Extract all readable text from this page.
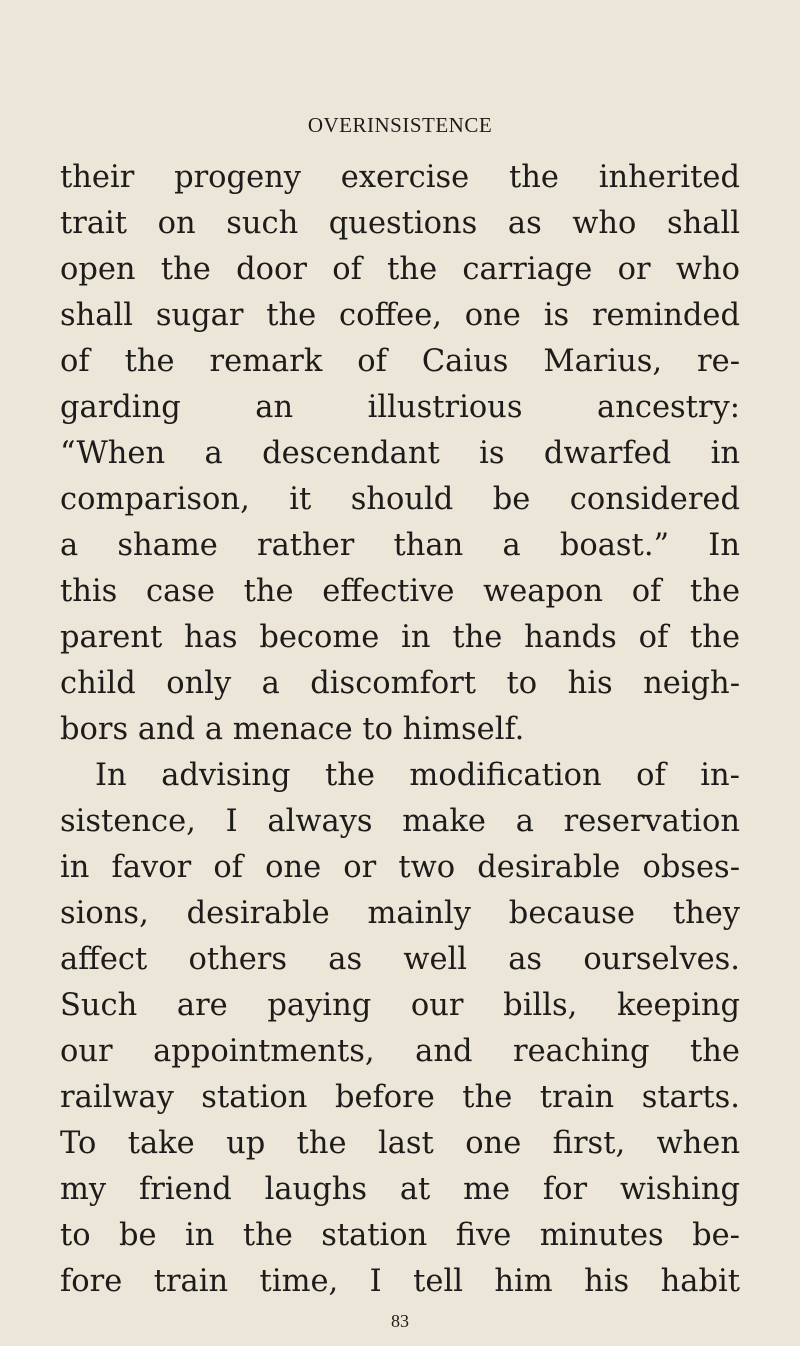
OVERINSISTENCE
their progeny exercise the inherited
trait on such questions as who shall
open the door of the carriage or who
shall sugar the coffee, one is reminded
of the remark of Caius Marius, re-
garding an illustrious ancestry:
“When a descendant is dwarfed in
comparison, it should be considered
a shame rather than a boast.” In
this case the effective weapon of the
parent has become in the hands of the
child only a discomfort to his neigh-
bors and a menace to himself.
In advising the modification of in-
sistence, I always make a reservation
in favor of one or two desirable obses-
sions, desirable mainly because they
affect others as well as ourselves.
Such are paying our bills, keeping
our appointments, and reaching the
railway station before the train starts.
To take up the last one first, when
my friend laughs at me for wishing
to be in the station five minutes be-
fore train time, I tell him his habit
83
